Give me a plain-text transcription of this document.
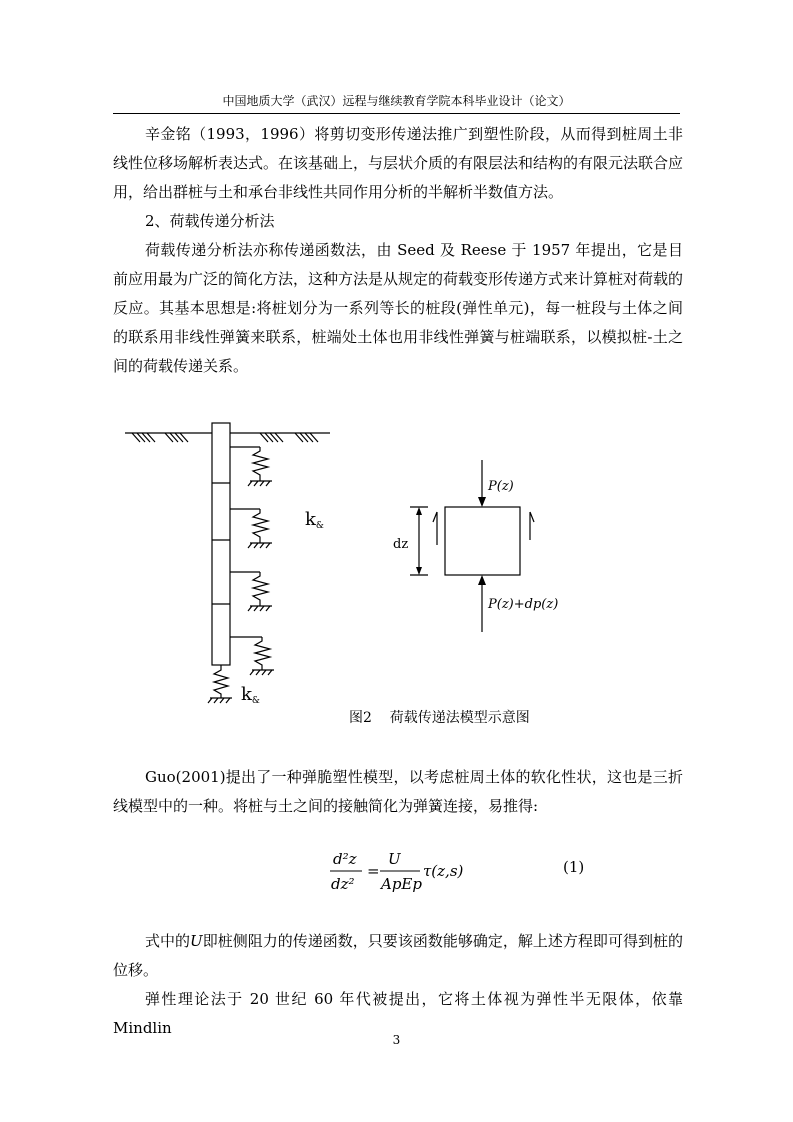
中国地质大学（武汉）远程与继续教育学院本科毕业设计（论文）

辛金铭（1993，1996）将剪切变形传递法推广到塑性阶段，从而得到桩周土非线性位移场解析表达式。在该基础上，与层状介质的有限层法和结构的有限元法联合应用，给出群桩与土和承台非线性共同作用分析的半解析半数值方法。

2、荷载传递分析法

荷载传递分析法亦称传递函数法，由 Seed 及 Reese 于 1957 年提出，它是目前应用最为广泛的简化方法，这种方法是从规定的荷载变形传递方式来计算桩对荷载的反应。其基本思想是:将桩划分为一系列等长的桩段(弹性单元)，每一桩段与土体之间的联系用非线性弹簧来联系，桩端处土体也用非线性弹簧与桩端联系，以模拟桩-土之间的荷载传递关系。

k&
k&
dz
P(z)
P(z)+dp(z)
图2    荷载传递法模型示意图

Guo(2001)提出了一种弹脆塑性模型，以考虑桩周土体的软化性状，这也是三折线模型中的一种。将桩与土之间的接触简化为弹簧连接，易推得:

d²z
dz²
=
U
ApEp
τ(z,s)	(1)

式中的U即桩侧阻力的传递函数，只要该函数能够确定，解上述方程即可得到桩的位移。

弹性理论法于 20 世纪 60 年代被提出，它将土体视为弹性半无限体，依靠 Mindlin

3
